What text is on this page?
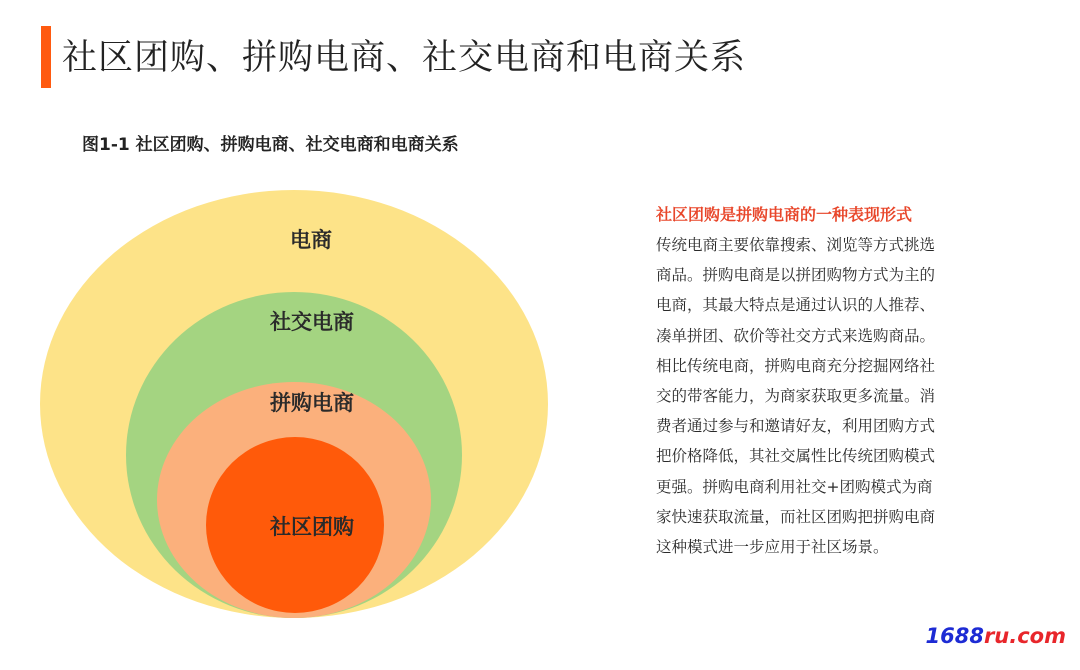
社区团购、拼购电商、社交电商和电商关系
图1-1 社区团购、拼购电商、社交电商和电商关系
电商
社交电商
拼购电商
社区团购

社区团购是拼购电商的一种表现形式

传统电商主要依靠搜索、浏览等方式挑选

商品。拼购电商是以拼团购物方式为主的

电商，其最大特点是通过认识的人推荐、

凑单拼团、砍价等社交方式来选购商品。

相比传统电商，拼购电商充分挖掘网络社

交的带客能力，为商家获取更多流量。消

费者通过参与和邀请好友，利用团购方式

把价格降低，其社交属性比传统团购模式

更强。拼购电商利用社交+团购模式为商

家快速获取流量，而社区团购把拼购电商

这种模式进一步应用于社区场景。

1688ru.com
